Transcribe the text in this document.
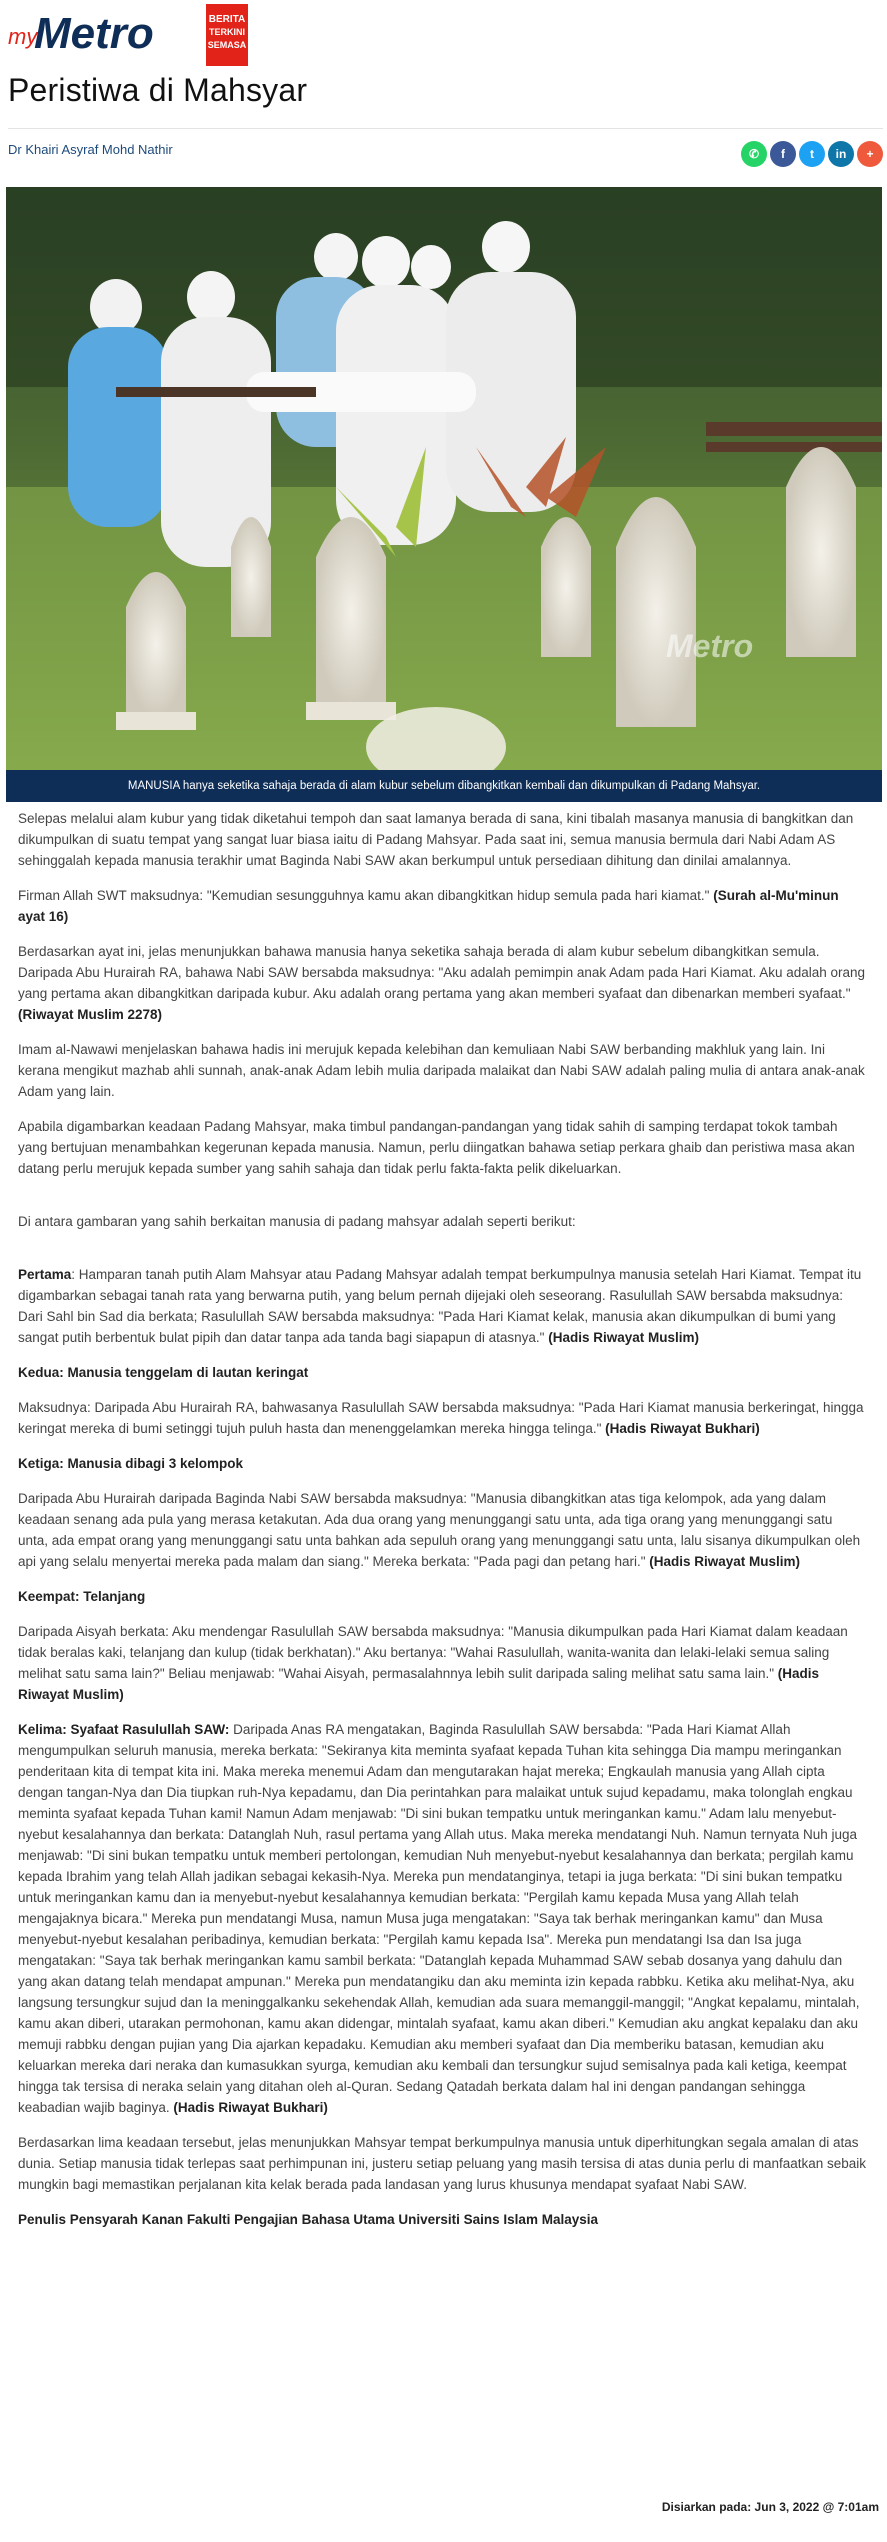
my
Metro	BERITA
TERKINI
SEMASA
Peristiwa di Mahsyar
Dr Khairi Asyraf Mohd Nathir	✆	f	t	in	+
Metro
MANUSIA hanya seketika sahaja berada di alam kubur sebelum dibangkitkan kembali dan dikumpulkan di Padang Mahsyar.

Selepas melalui alam kubur yang tidak diketahui tempoh dan saat lamanya berada di sana, kini tibalah masanya manusia di bangkitkan dan dikumpulkan di suatu tempat yang sangat luar biasa iaitu di Padang Mahsyar. Pada saat ini, semua manusia bermula dari Nabi Adam AS sehinggalah kepada manusia terakhir umat Baginda Nabi SAW akan berkumpul untuk persediaan dihitung dan dinilai amalannya.

Firman Allah SWT maksudnya: "Kemudian sesungguhnya kamu akan dibangkitkan hidup semula pada hari kiamat." (Surah al-Mu'minun ayat 16)

Berdasarkan ayat ini, jelas menunjukkan bahawa manusia hanya seketika sahaja berada di alam kubur sebelum dibangkitkan semula. Daripada Abu Hurairah RA, bahawa Nabi SAW bersabda maksudnya: "Aku adalah pemimpin anak Adam pada Hari Kiamat. Aku adalah orang yang pertama akan dibangkitkan daripada kubur. Aku adalah orang pertama yang akan memberi syafaat dan dibenarkan memberi syafaat." (Riwayat Muslim 2278)

Imam al-Nawawi menjelaskan bahawa hadis ini merujuk kepada kelebihan dan kemuliaan Nabi SAW berbanding makhluk yang lain. Ini kerana mengikut mazhab ahli sunnah, anak-anak Adam lebih mulia daripada malaikat dan Nabi SAW adalah paling mulia di antara anak-anak Adam yang lain.

Apabila digambarkan keadaan Padang Mahsyar, maka timbul pandangan-pandangan yang tidak sahih di samping terdapat tokok tambah yang bertujuan menambahkan kegerunan kepada manusia. Namun, perlu diingatkan bahawa setiap perkara ghaib dan peristiwa masa akan datang perlu merujuk kepada sumber yang sahih sahaja dan tidak perlu fakta-fakta pelik dikeluarkan.

Di antara gambaran yang sahih berkaitan manusia di padang mahsyar adalah seperti berikut:

Pertama: Hamparan tanah putih Alam Mahsyar atau Padang Mahsyar adalah tempat berkumpulnya manusia setelah Hari Kiamat. Tempat itu digambarkan sebagai tanah rata yang berwarna putih, yang belum pernah dijejaki oleh seseorang. Rasulullah SAW bersabda maksudnya: Dari Sahl bin Sad dia berkata; Rasulullah SAW bersabda maksudnya: "Pada Hari Kiamat kelak, manusia akan dikumpulkan di bumi yang sangat putih berbentuk bulat pipih dan datar tanpa ada tanda bagi siapapun di atasnya." (Hadis Riwayat Muslim)

Kedua: Manusia tenggelam di lautan keringat

Maksudnya: Daripada Abu Hurairah RA, bahwasanya Rasulullah SAW bersabda maksudnya: "Pada Hari Kiamat manusia berkeringat, hingga keringat mereka di bumi setinggi tujuh puluh hasta dan menenggelamkan mereka hingga telinga." (Hadis Riwayat Bukhari)

Ketiga: Manusia dibagi 3 kelompok

Daripada Abu Hurairah daripada Baginda Nabi SAW bersabda maksudnya: "Manusia dibangkitkan atas tiga kelompok, ada yang dalam keadaan senang ada pula yang merasa ketakutan. Ada dua orang yang menunggangi satu unta, ada tiga orang yang menunggangi satu unta, ada empat orang yang menunggangi satu unta bahkan ada sepuluh orang yang menunggangi satu unta, lalu sisanya dikumpulkan oleh api yang selalu menyertai mereka pada malam dan siang." Mereka berkata: "Pada pagi dan petang hari." (Hadis Riwayat Muslim)

Keempat: Telanjang

Daripada Aisyah berkata: Aku mendengar Rasulullah SAW bersabda maksudnya: "Manusia dikumpulkan pada Hari Kiamat dalam keadaan tidak beralas kaki, telanjang dan kulup (tidak berkhatan)." Aku bertanya: "Wahai Rasulullah, wanita-wanita dan lelaki-lelaki semua saling melihat satu sama lain?" Beliau menjawab: "Wahai Aisyah, permasalahnnya lebih sulit daripada saling melihat satu sama lain." (Hadis Riwayat Muslim)

Kelima: Syafaat Rasulullah SAW: Daripada Anas RA mengatakan, Baginda Rasulullah SAW bersabda: "Pada Hari Kiamat Allah mengumpulkan seluruh manusia, mereka berkata: "Sekiranya kita meminta syafaat kepada Tuhan kita sehingga Dia mampu meringankan penderitaan kita di tempat kita ini. Maka mereka menemui Adam dan mengutarakan hajat mereka; Engkaulah manusia yang Allah cipta dengan tangan-Nya dan Dia tiupkan ruh-Nya kepadamu, dan Dia perintahkan para malaikat untuk sujud kepadamu, maka tolonglah engkau meminta syafaat kepada Tuhan kami! Namun Adam menjawab: "Di sini bukan tempatku untuk meringankan kamu." Adam lalu menyebut-nyebut kesalahannya dan berkata: Datanglah Nuh, rasul pertama yang Allah utus. Maka mereka mendatangi Nuh. Namun ternyata Nuh juga menjawab: "Di sini bukan tempatku untuk memberi pertolongan, kemudian Nuh menyebut-nyebut kesalahannya dan berkata; pergilah kamu kepada Ibrahim yang telah Allah jadikan sebagai kekasih-Nya. Mereka pun mendatanginya, tetapi ia juga berkata: "Di sini bukan tempatku untuk meringankan kamu dan ia menyebut-nyebut kesalahannya kemudian berkata: "Pergilah kamu kepada Musa yang Allah telah mengajaknya bicara." Mereka pun mendatangi Musa, namun Musa juga mengatakan: "Saya tak berhak meringankan kamu" dan Musa menyebut-nyebut kesalahan peribadinya, kemudian berkata: "Pergilah kamu kepada Isa". Mereka pun mendatangi Isa dan Isa juga mengatakan: "Saya tak berhak meringankan kamu sambil berkata: "Datanglah kepada Muhammad SAW sebab dosanya yang dahulu dan yang akan datang telah mendapat ampunan." Mereka pun mendatangiku dan aku meminta izin kepada rabbku. Ketika aku melihat-Nya, aku langsung tersungkur sujud dan Ia meninggalkanku sekehendak Allah, kemudian ada suara memanggil-manggil; "Angkat kepalamu, mintalah, kamu akan diberi, utarakan permohonan, kamu akan didengar, mintalah syafaat, kamu akan diberi." Kemudian aku angkat kepalaku dan aku memuji rabbku dengan pujian yang Dia ajarkan kepadaku. Kemudian aku memberi syafaat dan Dia memberiku batasan, kemudian aku keluarkan mereka dari neraka dan kumasukkan syurga, kemudian aku kembali dan tersungkur sujud semisalnya pada kali ketiga, keempat hingga tak tersisa di neraka selain yang ditahan oleh al-Quran. Sedang Qatadah berkata dalam hal ini dengan pandangan sehingga keabadian wajib baginya. (Hadis Riwayat Bukhari)

Berdasarkan lima keadaan tersebut, jelas menunjukkan Mahsyar tempat berkumpulnya manusia untuk diperhitungkan segala amalan di atas dunia. Setiap manusia tidak terlepas saat perhimpunan ini, justeru setiap peluang yang masih tersisa di atas dunia perlu di manfaatkan sebaik mungkin bagi memastikan perjalanan kita kelak berada pada landasan yang lurus khusunya mendapat syafaat Nabi SAW.

Penulis Pensyarah Kanan Fakulti Pengajian Bahasa Utama Universiti Sains Islam Malaysia

Disiarkan pada: Jun 3, 2022 @ 7:01am
